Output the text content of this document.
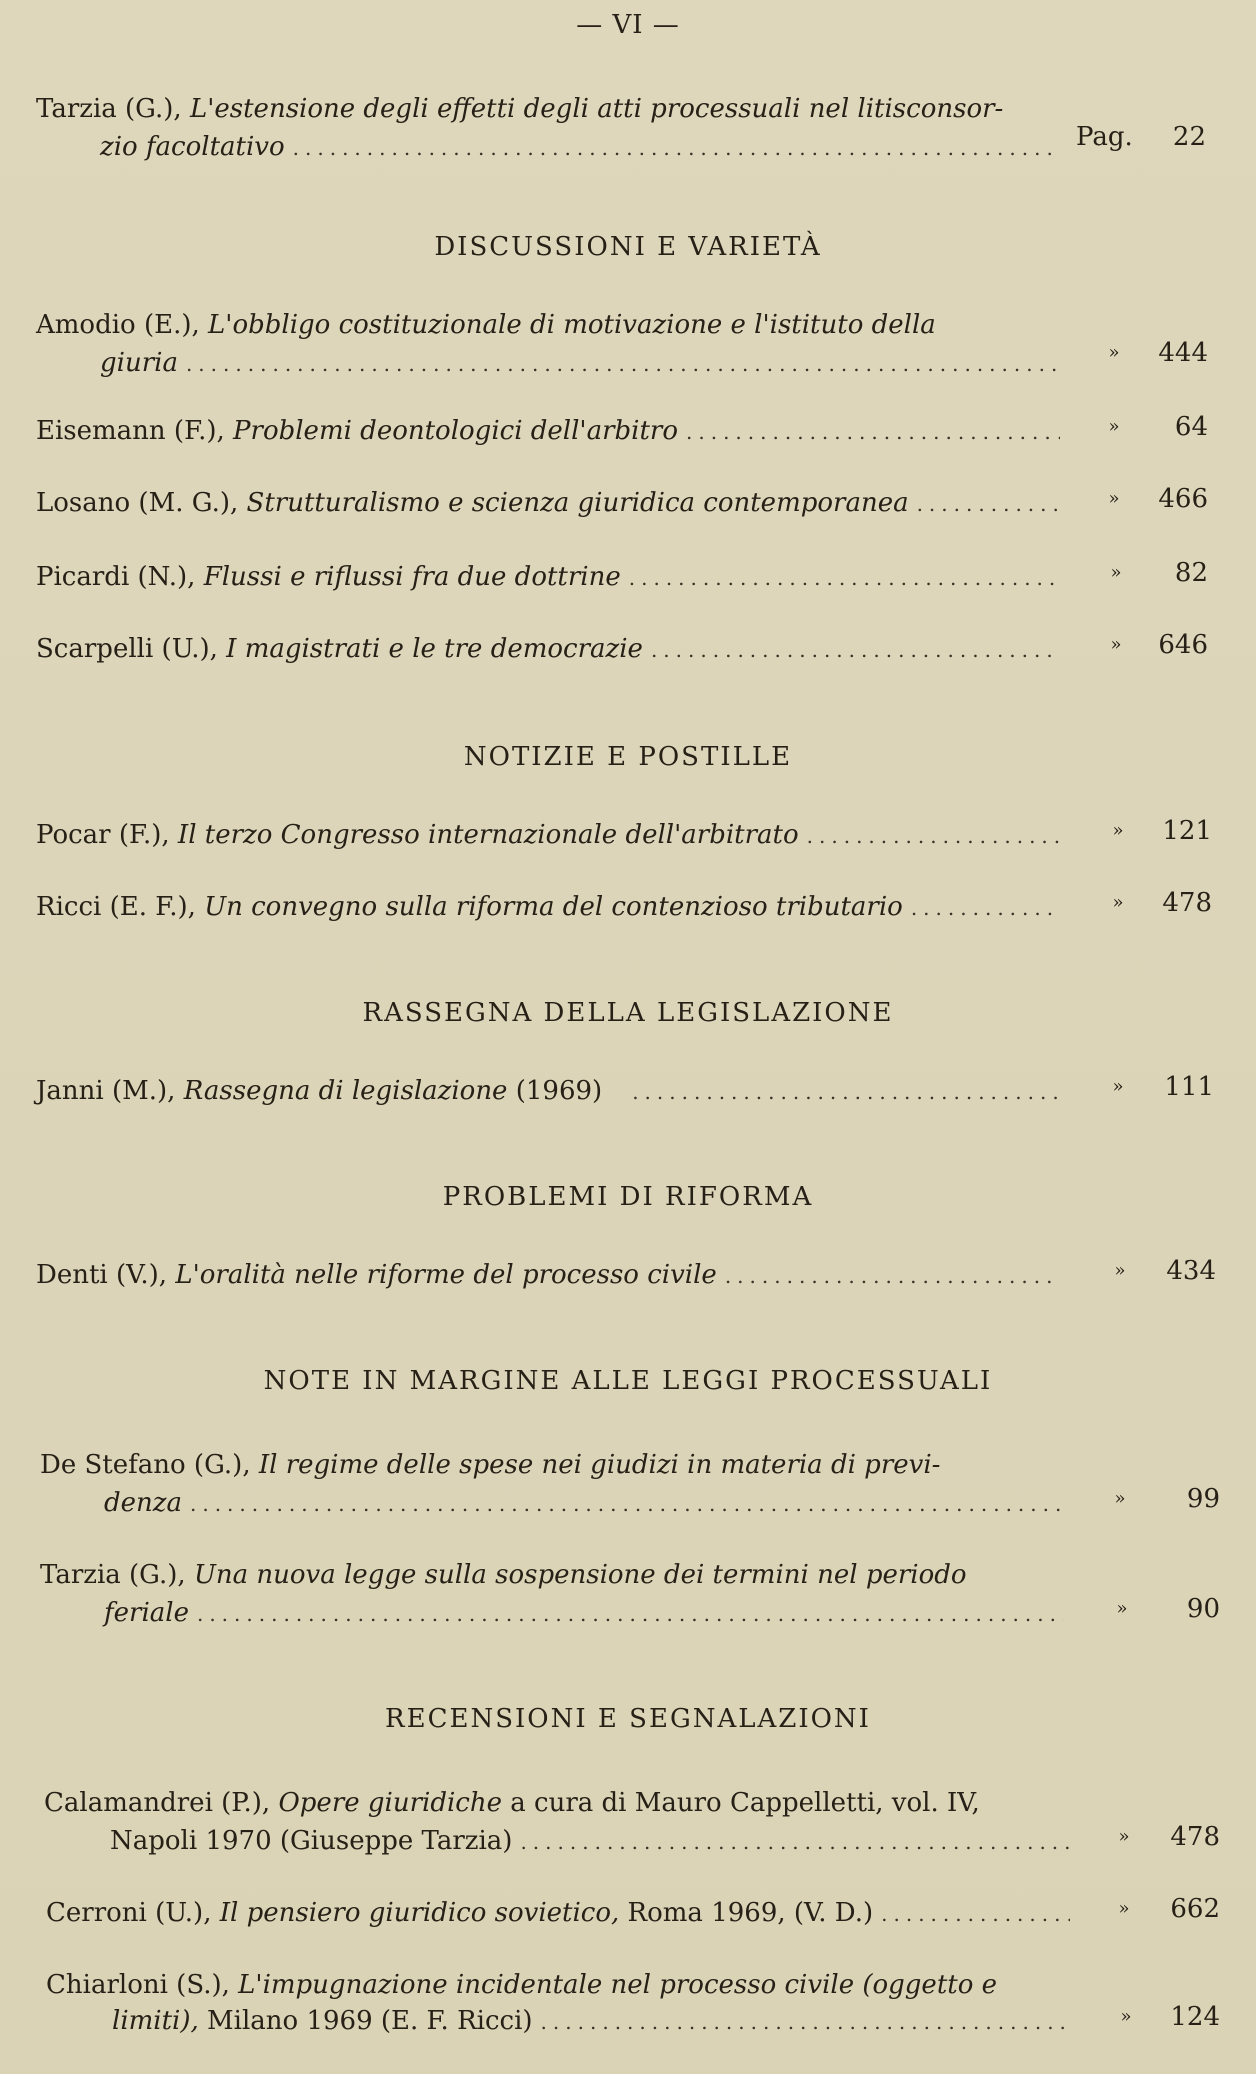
— VI —
Tarzia (G.),
L'estensione degli effetti degli atti processuali nel litisconsor-
zio facoltativo .....	Pag.	22
DISCUSSIONI E VARIETÀ
Amodio (E.),
L'obbligo costituzionale di motivazione e l'istituto della
giuria .....	»	444
Eisemann (F.),
Problemi deontologici dell'arbitro .....	»	64
Losano (M. G.),
Strutturalismo e scienza giuridica contemporanea .....	»	466
Picardi (N.),
Flussi e riflussi fra due dottrine .....	»	82
Scarpelli (U.),
I magistrati e le tre democrazie .....	»	646
NOTIZIE E POSTILLE
Pocar (F.),
Il terzo Congresso internazionale dell'arbitrato .....	»	121
Ricci (E. F.),
Un convegno sulla riforma del contenzioso tributario .....	»	478
RASSEGNA DELLA LEGISLAZIONE
Janni (M.),
Rassegna di legislazione
(1969) .....	»	111
PROBLEMI DI RIFORMA
Denti (V.),
L'oralità nelle riforme del processo civile .....	»	434
NOTE IN MARGINE ALLE LEGGI PROCESSUALI
De Stefano (G.),
Il regime delle spese nei giudizi in materia di previ-
denza .....	»	99
Tarzia (G.),
Una nuova legge sulla sospensione dei termini nel periodo
feriale .....	»	90
RECENSIONI E SEGNALAZIONI
Calamandrei (P.),
Opere giuridiche
a cura di Mauro Cappelletti, vol. IV,
Napoli 1970 (Giuseppe Tarzia) .....	»	478
Cerroni (U.),
Il pensiero giuridico sovietico,
Roma 1969, (V. D.) .....	»	662
Chiarloni (S.),
L'impugnazione incidentale nel processo civile (oggetto e
limiti),
Milano 1969 (E. F. Ricci) .....	»	124
